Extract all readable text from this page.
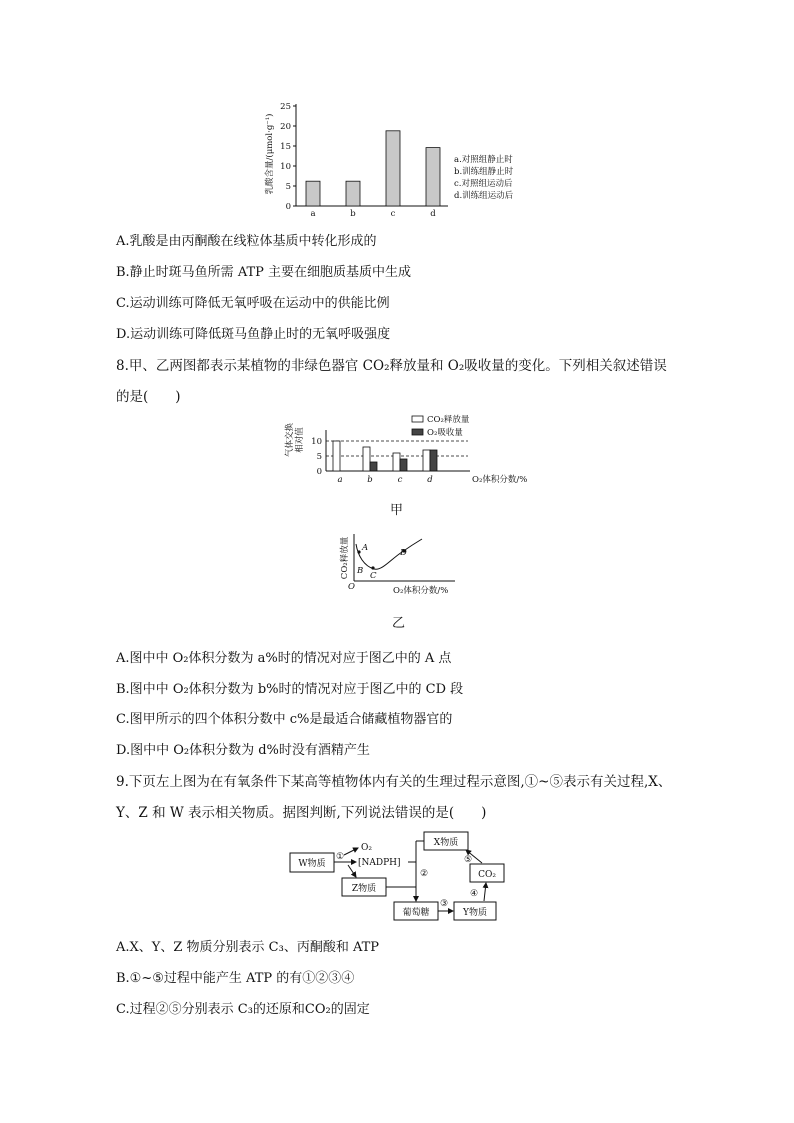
乳酸含量/(μmol·g⁻¹)
0
5
10
15
20
25
a	b	c	d
a.对照组静止时
b.训练组静止时
c.对照组运动后
d.训练组运动后
A.乳酸是由丙酮酸在线粒体基质中转化形成的
B.静止时斑马鱼所需 ATP 主要在细胞质基质中生成
C.运动训练可降低无氧呼吸在运动中的供能比例
D.运动训练可降低斑马鱼静止时的无氧呼吸强度
8.甲、乙两图都表示某植物的非绿色器官 CO₂释放量和 O₂吸收量的变化。下列相关叙述错误
的是(　　)
气体交换 相对值
0
5
10
a	b	c	d	O₂体积分数/%
CO₂释放量
O₂吸收量
甲
CO₂释放量 A
B C
D
O	O₂体积分数/%
乙
A.图中中 O₂体积分数为 a%时的情况对应于图乙中的 A 点
B.图中中 O₂体积分数为 b%时的情况对应于图乙中的 CD 段
C.图甲所示的四个体积分数中 c%是最适合储藏植物器官的
D.图中中 O₂体积分数为 d%时没有酒精产生
9.下页左上图为在有氧条件下某高等植物体内有关的生理过程示意图,①~⑤表示有关过程,X、
Y、Z 和 W 表示相关物质。据图判断,下列说法错误的是(　　)
W物质
Z物质
X物质
CO₂
葡萄糖	Y物质
①
O₂
[NADPH]
②
③
④
⑤
A.X、Y、Z 物质分别表示 C₃、丙酮酸和 ATP
B.①~⑤过程中能产生 ATP 的有①②③④
C.过程②⑤分别表示 C₃的还原和CO₂的固定
